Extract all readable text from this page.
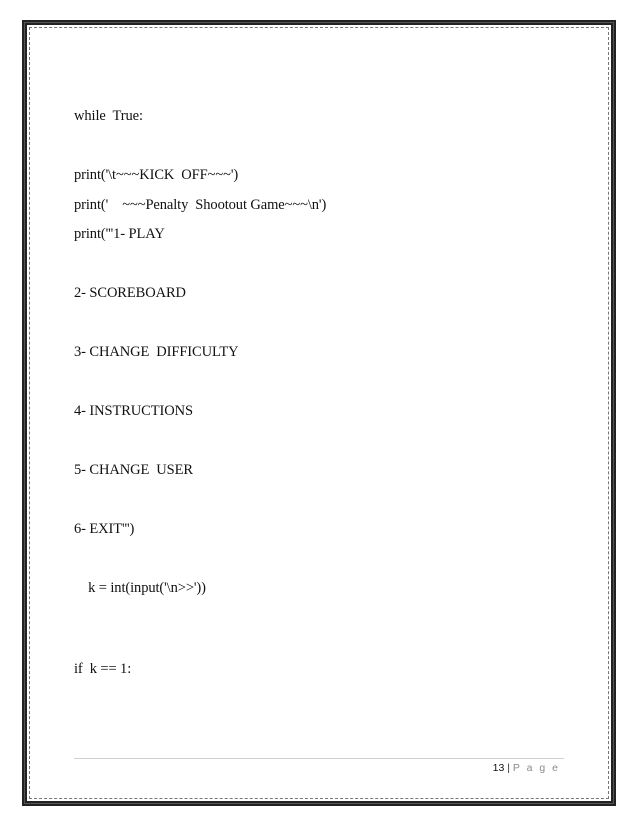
while  True:
print('\t~~~KICK  OFF~~~')
print('    ~~~Penalty  Shootout Game~~~\n')
print('''1- PLAY
2- SCOREBOARD
3- CHANGE  DIFFICULTY
4- INSTRUCTIONS
5- CHANGE  USER
6- EXIT''')
k = int(input('\n>>'))
if  k == 1:
13 | P a g e
